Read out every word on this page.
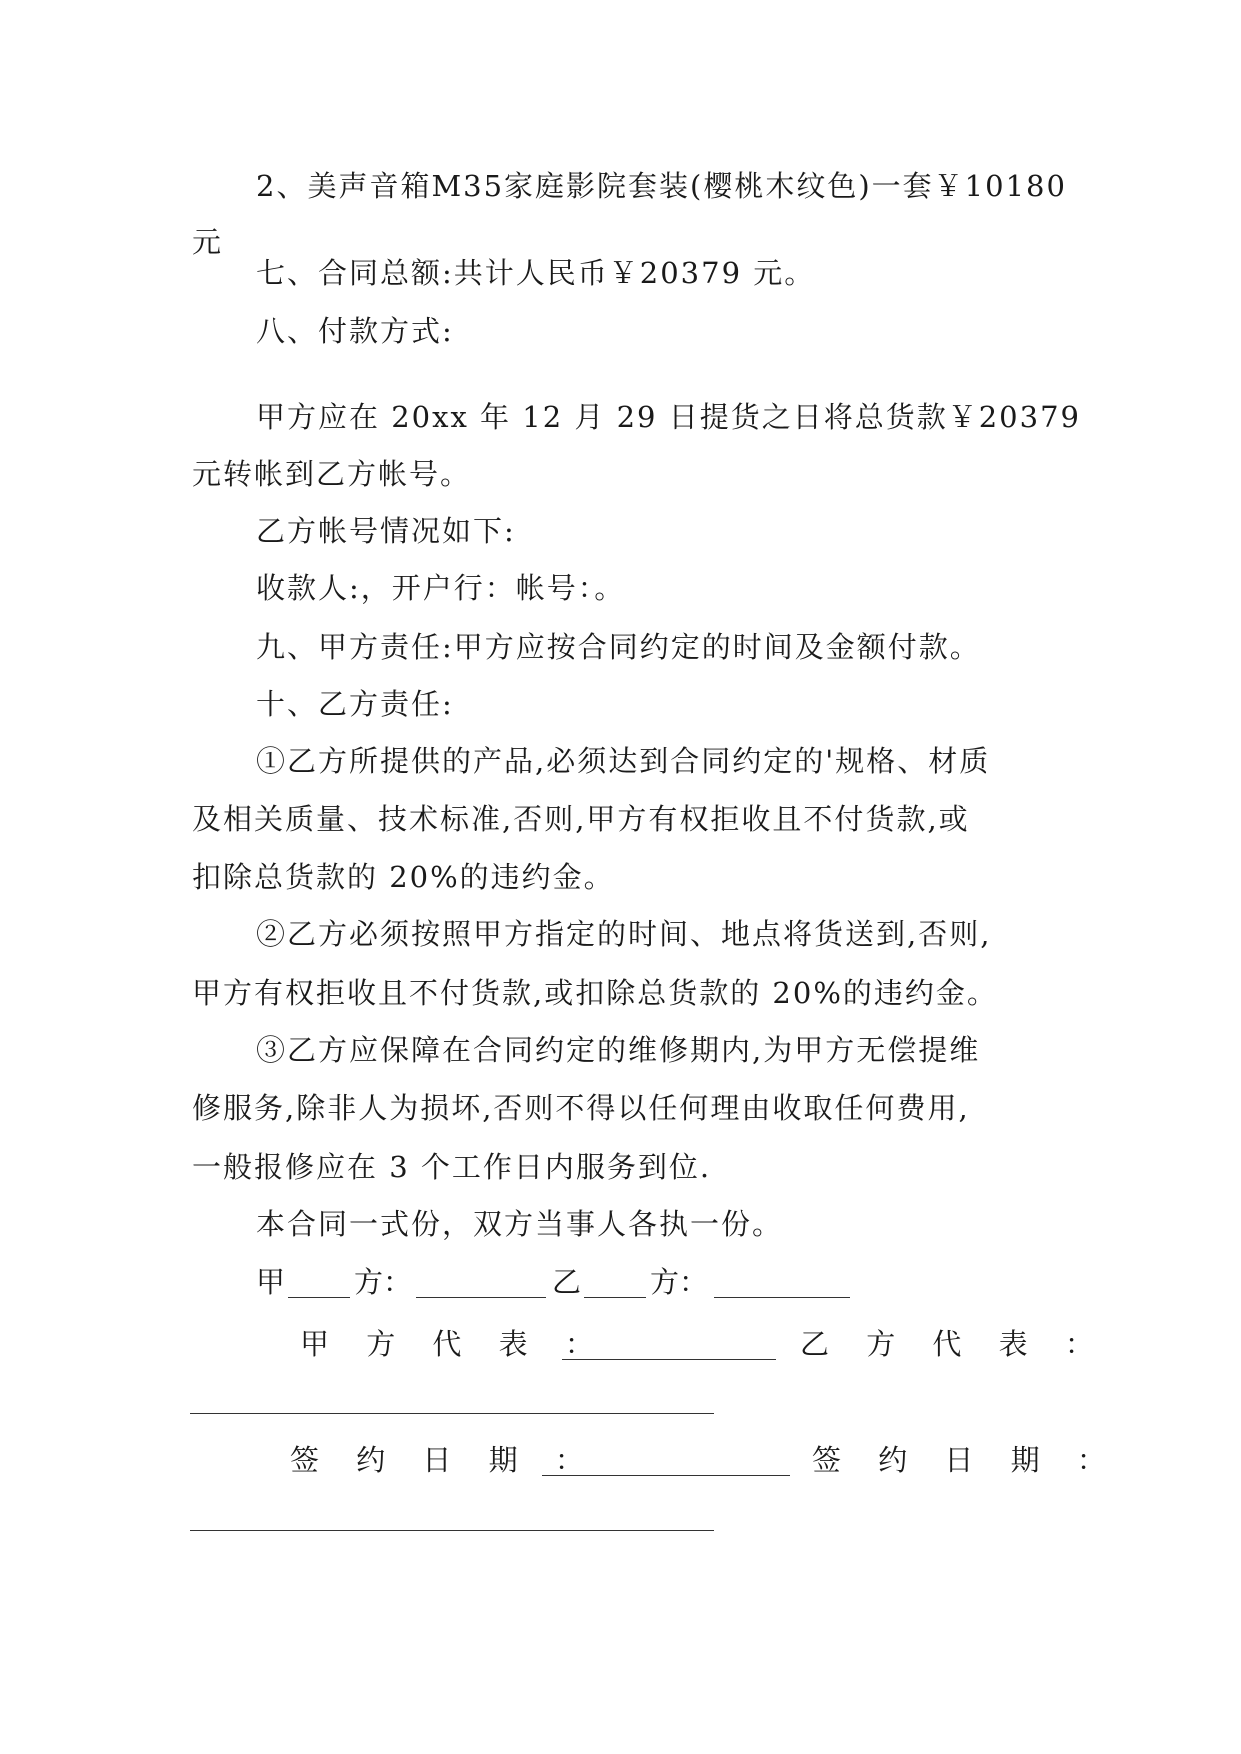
2、美声音箱M35家庭影院套装(樱桃木纹色)一套￥10180
元
七、合同总额:共计人民币￥20379 元。
八、付款方式:
甲方应在 20xx 年 12 月 29 日提货之日将总货款￥20379
元转帐到乙方帐号。
乙方帐号情况如下:
收款人:，开户行：帐号：。
九、甲方责任:甲方应按合同约定的时间及金额付款。
十、乙方责任:
①乙方所提供的产品,必须达到合同约定的'规格、材质
及相关质量、技术标准,否则,甲方有权拒收且不付货款,或
扣除总货款的 20%的违约金。
②乙方必须按照甲方指定的时间、地点将货送到,否则,
甲方有权拒收且不付货款,或扣除总货款的 20%的违约金。
③乙方应保障在合同约定的维修期内,为甲方无偿提维
修服务,除非人为损坏,否则不得以任何理由收取任何费用,
一般报修应在 3 个工作日内服务到位.
本合同一式份，双方当事人各执一份。
甲 方：	乙 方：
甲 方 代 表 ：	乙 方 代 表 ：
签 约 日 期 ：	签 约 日 期 ：
